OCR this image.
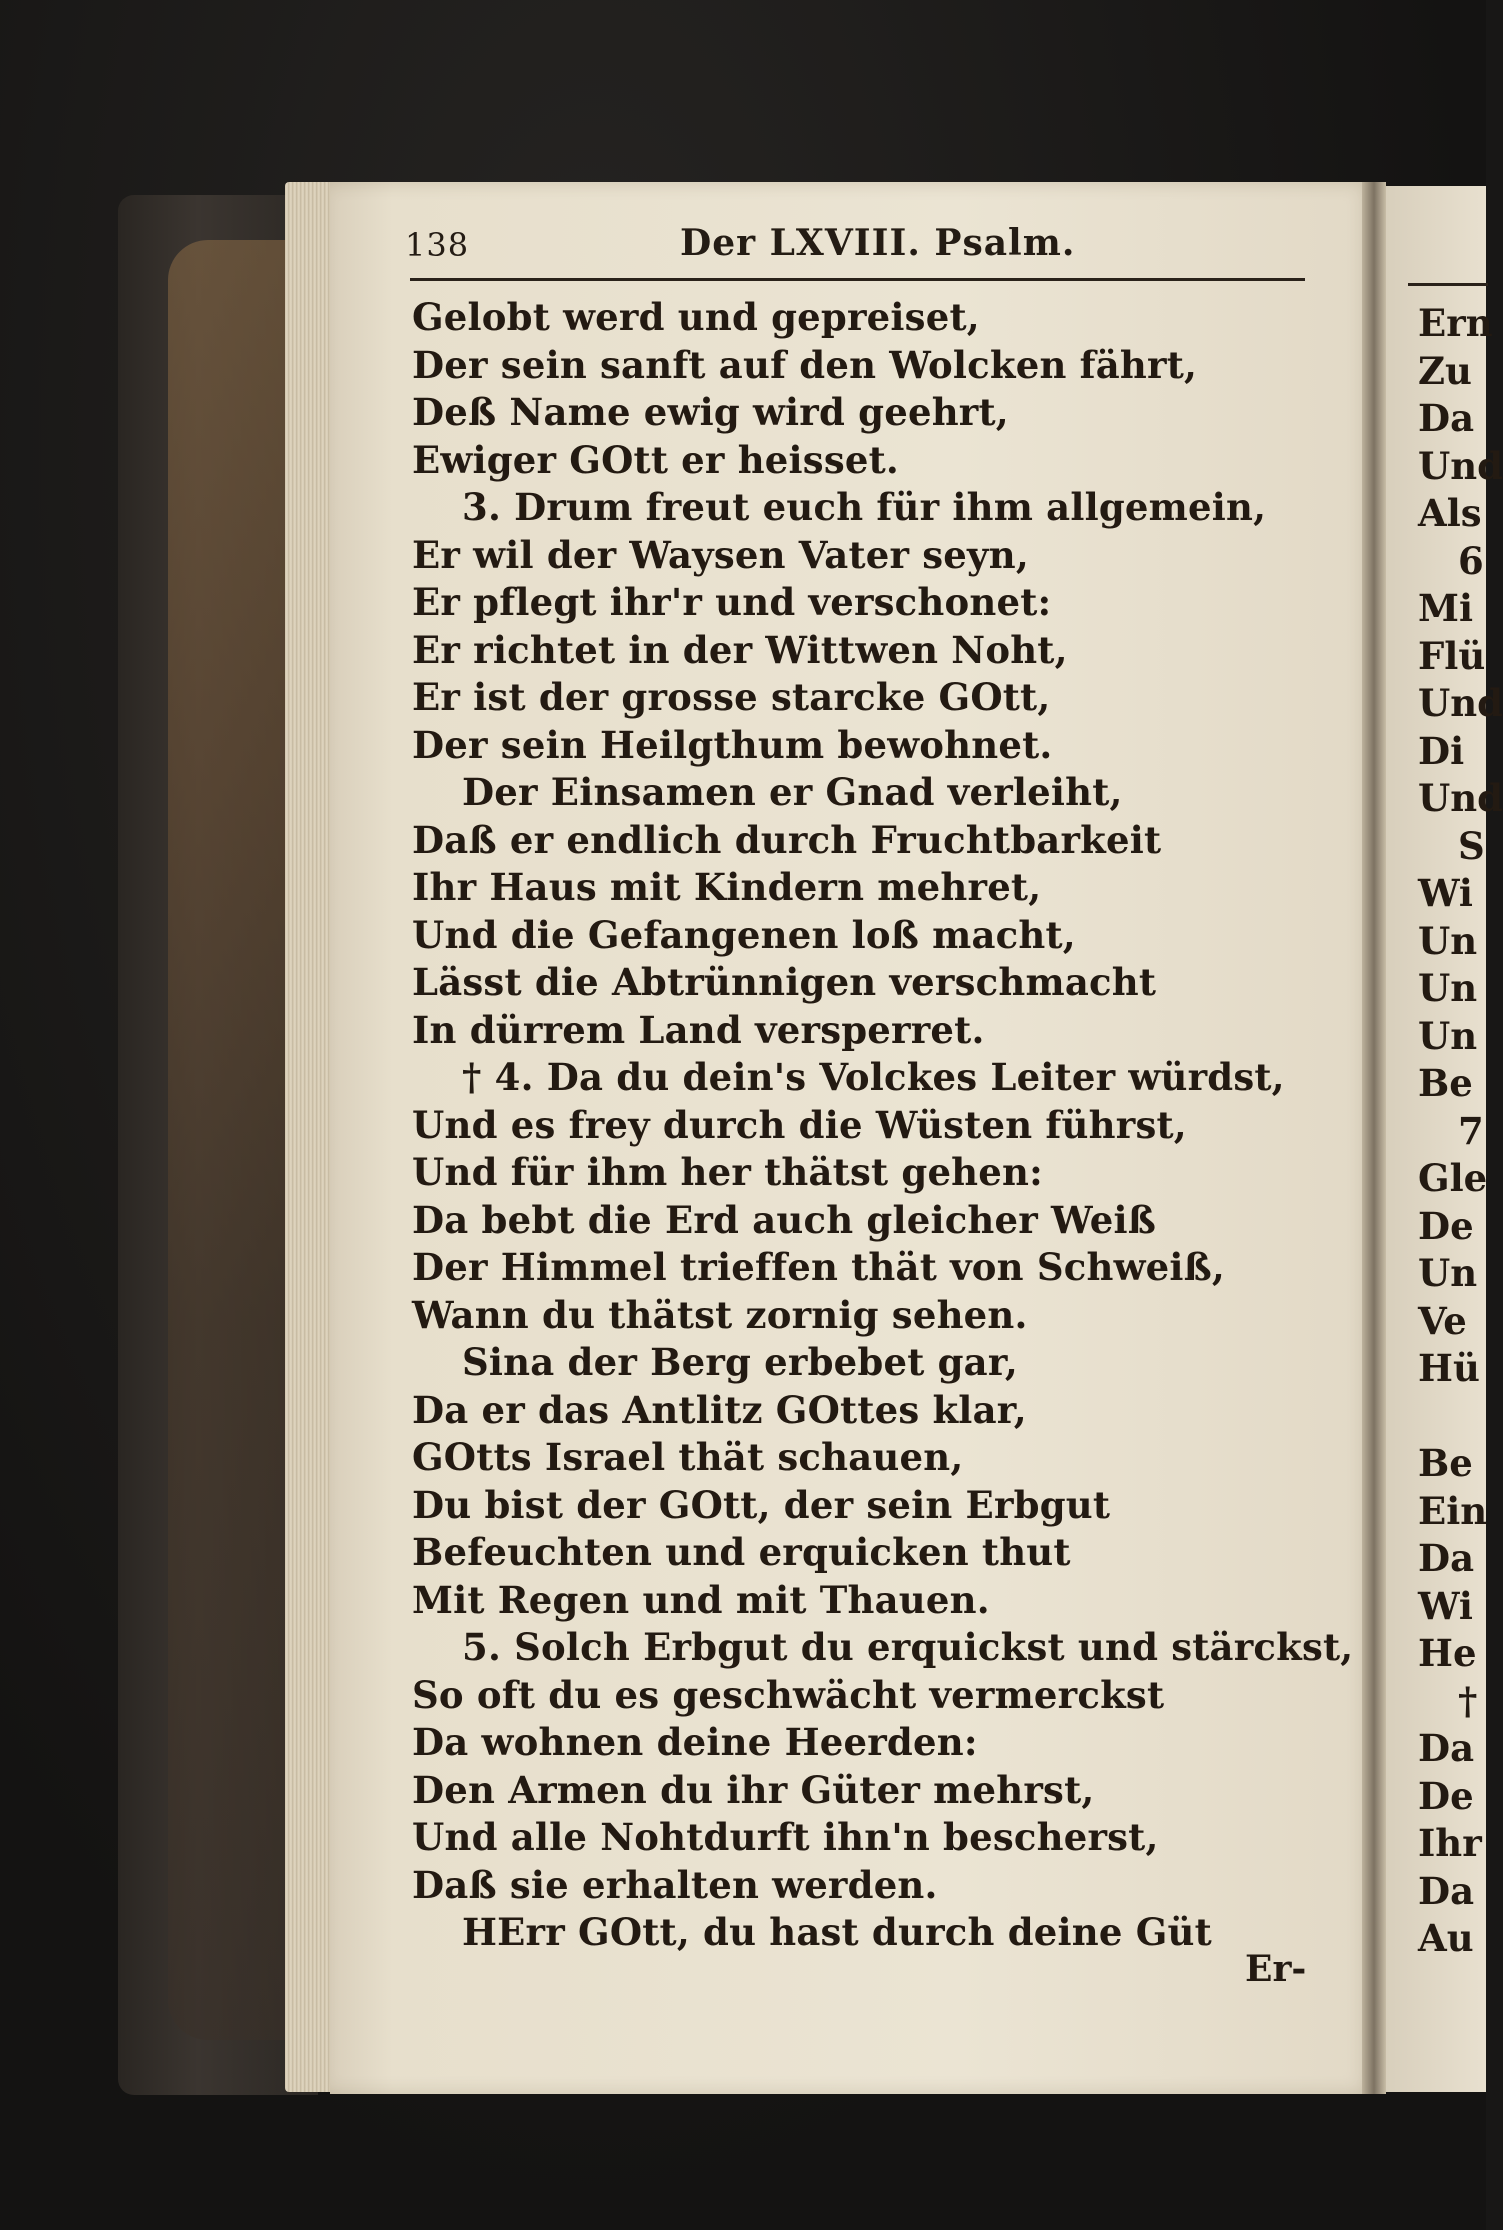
138	Der LXVIII. Psalm.
Gelobt werd und gepreiset,
Der sein sanft auf den Wolcken fährt,
Deß Name ewig wird geehrt,
Ewiger GOtt er heisset.
3. Drum freut euch für ihm allgemein,
Er wil der Waysen Vater seyn,
Er pflegt ihr'r und verschonet:
Er richtet in der Wittwen Noht,
Er ist der grosse starcke GOtt,
Der sein Heilgthum bewohnet.
Der Einsamen er Gnad verleiht,
Daß er endlich durch Fruchtbarkeit
Ihr Haus mit Kindern mehret,
Und die Gefangenen loß macht,
Lässt die Abtrünnigen verschmacht
In dürrem Land versperret.
† 4. Da du dein's Volckes Leiter würdst,
Und es frey durch die Wüsten führst,
Und für ihm her thätst gehen:
Da bebt die Erd auch gleicher Weiß
Der Himmel trieffen thät von Schweiß,
Wann du thätst zornig sehen.
Sina der Berg erbebet gar,
Da er das Antlitz GOttes klar,
GOtts Israel thät schauen,
Du bist der GOtt, der sein Erbgut
Befeuchten und erquicken thut
Mit Regen und mit Thauen.
5. Solch Erbgut du erquickst und stärckst,
So oft du es geschwächt vermerckst
Da wohnen deine Heerden:
Den Armen du ihr Güter mehrst,
Und alle Nohtdurft ihn'n bescherst,
Daß sie erhalten werden.
HErr GOtt, du hast durch deine Güt
Er-
Ern
Zu
Da
Und
Als
6
Mi
Flü
Und
Di
Und
S
Wi
Un
Un
Un
Be
7
Gle
De
Un
Ve
Hü
Be
Ein
Da
Wi
He
†
Da
De
Ihr
Da
Au
